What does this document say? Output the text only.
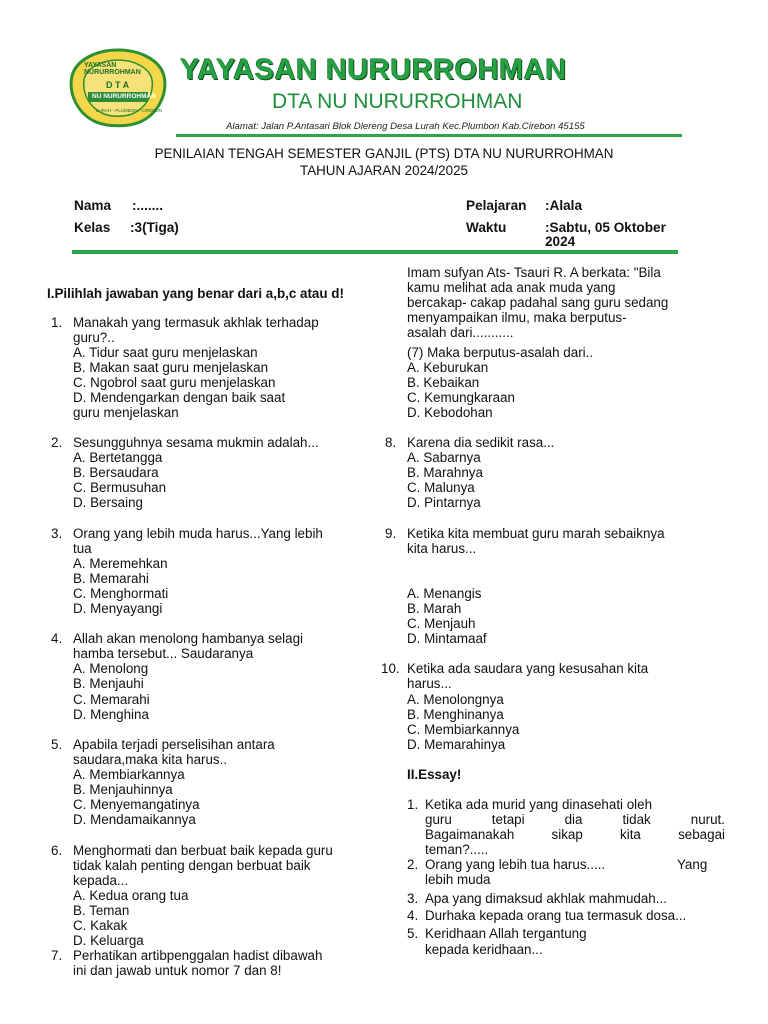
YAYASAN NURURROHMAN
D T A
NU NURURROHMAN
LURAH - PLUMBON - CIREBON
YAYASAN NURURROHMAN
DTA NU NURURROHMAN
Alamat: Jalan P.Antasari Blok Dlereng Desa Lurah Kec.Plumbon Kab.Cirebon 45155
PENILAIAN TENGAH SEMESTER GANJIL (PTS) DTA NU NURURROHMAN
TAHUN AJARAN 2024/2025
Nama :.......
Kelas :3(Tiga)
Pelajaran :Alala
Waktu	:Sabtu, 05 Oktober
2024
I.Pilihlah jawaban yang benar dari a,b,c atau d!
1. Manakah yang termasuk akhlak terhadap
guru?..
A. Tidur saat guru menjelaskan
B. Makan saat guru menjelaskan
C. Ngobrol saat guru menjelaskan
D. Mendengarkan dengan baik saat
guru menjelaskan
2. Sesungguhnya sesama mukmin adalah...
A. Bertetangga
B. Bersaudara
C. Bermusuhan
D. Bersaing
3. Orang yang lebih muda harus...Yang lebih
tua
A. Meremehkan
B. Memarahi
C. Menghormati
D. Menyayangi
4. Allah akan menolong hambanya selagi
hamba tersebut... Saudaranya
A. Menolong
B. Menjauhi
C. Memarahi
D. Menghina
5. Apabila terjadi perselisihan antara
saudara,maka kita harus..
A. Membiarkannya
B. Menjauhinnya
C. Menyemangatinya
D. Mendamaikannya
6. Menghormati dan berbuat baik kepada guru
tidak kalah penting dengan berbuat baik
kepada...
A. Kedua orang tua
B. Teman
C. Kakak
D. Keluarga
7. Perhatikan artibpenggalan hadist dibawah
ini dan jawab untuk nomor 7 dan 8!
Imam sufyan Ats- Tsauri R. A berkata: "Bila
kamu melihat ada anak muda yang
bercakap- cakap padahal sang guru sedang
menyampaikan ilmu, maka berputus-
asalah dari...........
(7) Maka berputus-asalah dari..
A. Keburukan
B. Kebaikan
C. Kemungkaraan
D. Kebodohan
8. Karena dia sedikit rasa...
A. Sabarnya
B. Marahnya
C. Malunya
D. Pintarnya
9. Ketika kita membuat guru marah sebaiknya
kita harus...
A. Menangis
B. Marah
C. Menjauh
D. Mintamaaf
10. Ketika ada saudara yang kesusahan kita
harus...
A. Menolongnya
B. Menghinanya
C. Membiarkannya
D. Memarahinya
II.Essay!
1. Ketika ada murid yang dinasehati oleh
guru tetapi dia tidak nurut.
Bagaimanakah sikap kita sebagai
teman?.....
2. Orang yang lebih tua harus.....	Yang
lebih muda
3. Apa yang dimaksud akhlak mahmudah...
4. Durhaka kepada orang tua termasuk dosa...
5. Keridhaan Allah tergantung
kepada keridhaan...
